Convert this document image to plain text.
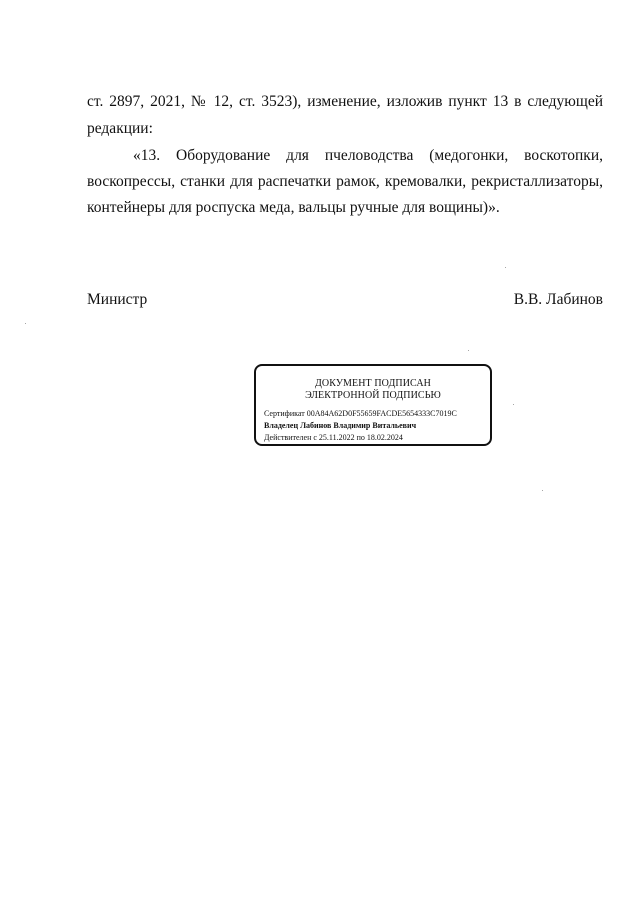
ст. 2897, 2021, № 12, ст. 3523), изменение, изложив пункт 13 в следующей
редакции:
«13. Оборудование для пчеловодства (медогонки, воскотопки,
воскопрессы, станки для распечатки рамок, кремовалки, рекристаллизаторы,
контейнеры для роспуска меда, вальцы ручные для вощины)».
Министр	В.В. Лабинов
ДОКУМЕНТ ПОДПИСАН
ЭЛЕКТРОННОЙ ПОДПИСЬЮ
Сертификат 00A84A62D0F55659FACDE5654333C7019C
Владелец Лабинов Владимир Витальевич
Действителен с 25.11.2022 по 18.02.2024
